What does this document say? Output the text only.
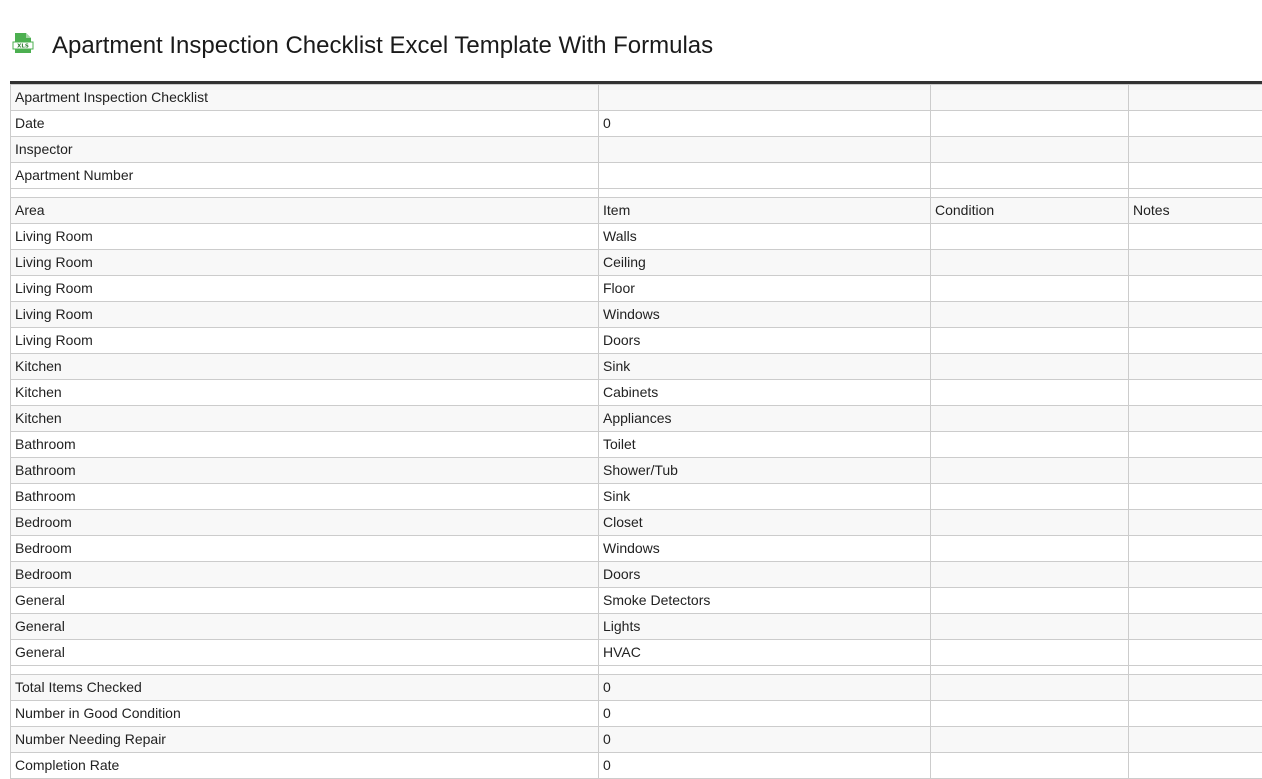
XLS Apartment Inspection Checklist Excel Template With Formulas
Apartment Inspection Checklist			
Date	0		
Inspector			
Apartment Number			

Area	Item	Condition	Notes
Living Room	Walls		
Living Room	Ceiling		
Living Room	Floor		
Living Room	Windows		
Living Room	Doors		
Kitchen	Sink		
Kitchen	Cabinets		
Kitchen	Appliances		
Bathroom	Toilet		
Bathroom	Shower/Tub		
Bathroom	Sink		
Bedroom	Closet		
Bedroom	Windows		
Bedroom	Doors		
General	Smoke Detectors		
General	Lights		
General	HVAC		

Total Items Checked	0		
Number in Good Condition	0		
Number Needing Repair	0		
Completion Rate	0		
